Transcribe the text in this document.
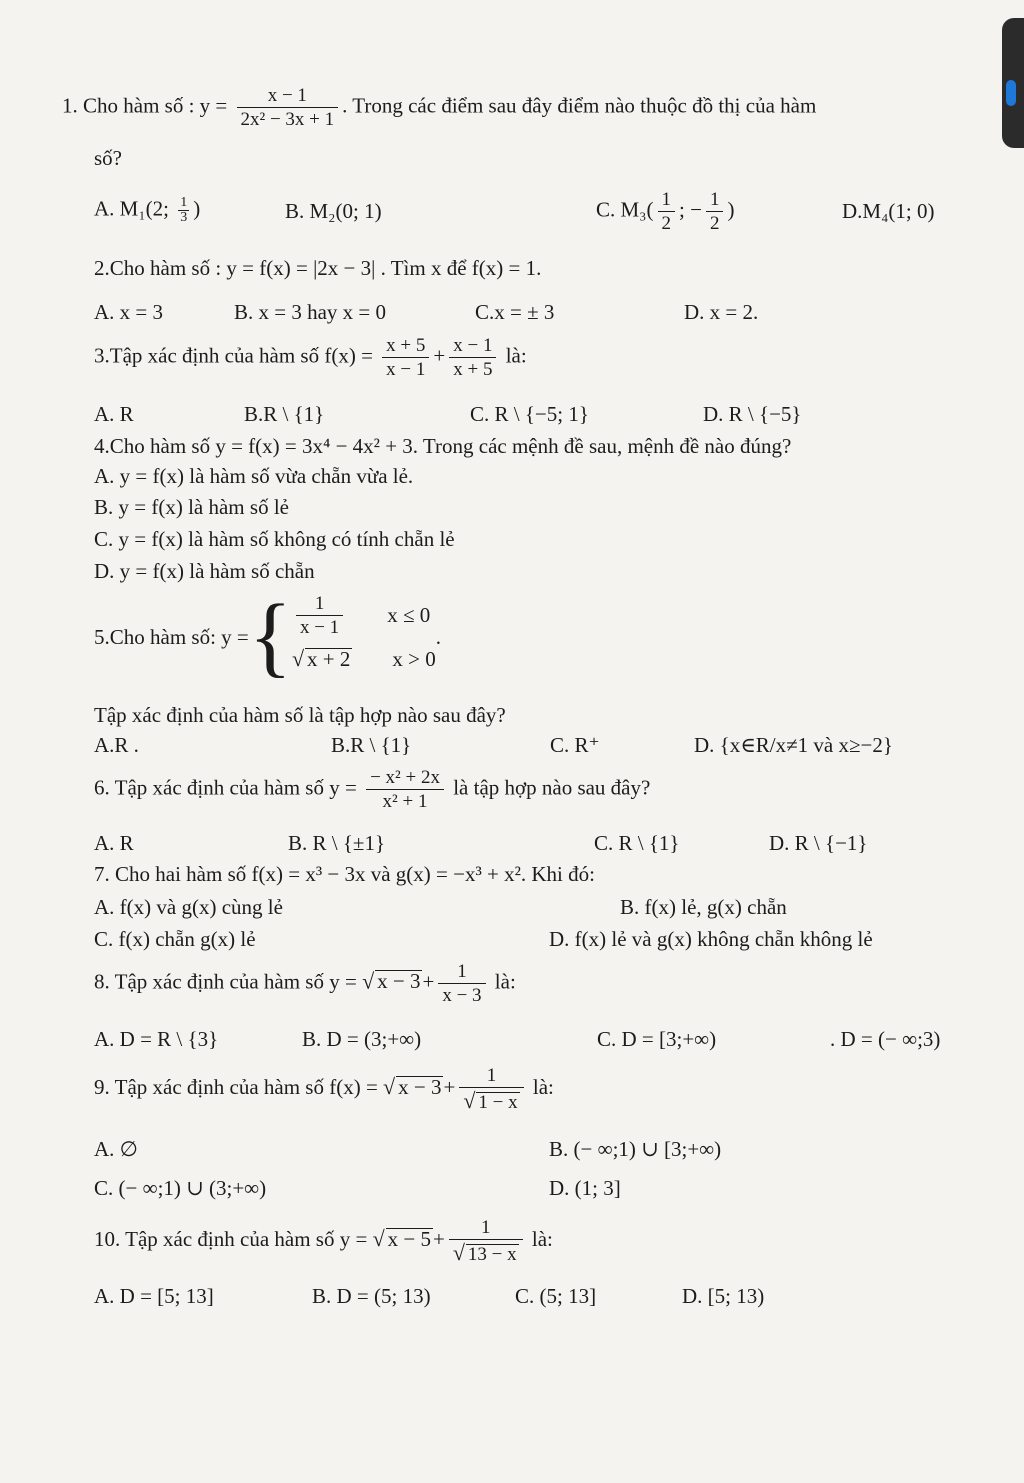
1. Cho hàm số : $y = \frac{x - 1}{\text{2x² − 3x + 1}}$ . Trong các điểm sau đây điểm nào thuộc đồ thị của hàm
số?
A. M₁(2; $\frac{1}{3}$ )	B. M₂(0; 1)	C. $M_3( \frac{1}{2}$ ; − $\frac{1}{2}$ )	D.M₄(1; 0)
2.Cho hàm số : y = f(x) = |2x − 3| . Tìm x để f(x) = 1.
A. x = 3	B. x = 3 hay x = 0	C.x = ± 3	D. x = 2.
3.Tập xác định của hàm số $f(x) = \frac{x + 5}{x - 1} + \frac{x - 1}{x + 5}$ là:
A. R	B.R \ {1}	C. R \ {−5; 1}	D. R \ {−5}
4.Cho hàm số y = f(x) = 3x⁴ − 4x² + 3. Trong các mệnh đề sau, mệnh đề nào đúng?
A. y = f(x) là hàm số vừa chẵn vừa lẻ.
B. y = f(x) là hàm số lẻ
C. y = f(x) là hàm số không có tính chẵn lẻ
D. y = f(x) là hàm số chẵn
5.Cho hàm số: y = { $\frac{1}{x - 1}$ x ≤ 0
√ x + 2 x > 0
.
Tập xác định của hàm số là tập hợp nào sau đây?
A.R .	B.R \ {1}	C. R⁺	D. {x∈R/x≠1 và x≥−2}
6. Tập xác định của hàm số $y = \frac{\text{− x² + 2x}}{\text{x² + 1}}$ là tập hợp nào sau đây?
A. R	B. R \ {±1}	C. R \ {1}	D. R \ {−1}
7. Cho hai hàm số f(x) = x³ − 3x và g(x) = −x³ + x². Khi đó:
A. f(x) và g(x) cùng lẻ	B. f(x) lẻ, g(x) chẵn
C. f(x) chẵn g(x) lẻ	D. f(x) lẻ và g(x) không chẵn không lẻ
8. Tập xác định của hàm số y = √ $x - 3+ \frac{1}{x - 3}$ là:
A. D = R \ {3}	B. D = (3;+∞)	C. D = [3;+∞)	. D = (− ∞;3)
9. Tập xác định của hàm số f(x) = √ $x - 3+ \frac{1}{√ 1 - x}$ là:
A. ∅	B. (− ∞;1) ∪ [3;+∞)
C. (− ∞;1) ∪ (3;+∞)	D. (1; 3]
10. Tập xác định của hàm số y = √ $x - 5+ \frac{1}{√ 13 - x}$ là:
A. D = [5; 13]	B. D = (5; 13)	C. (5; 13]	D. [5; 13)
